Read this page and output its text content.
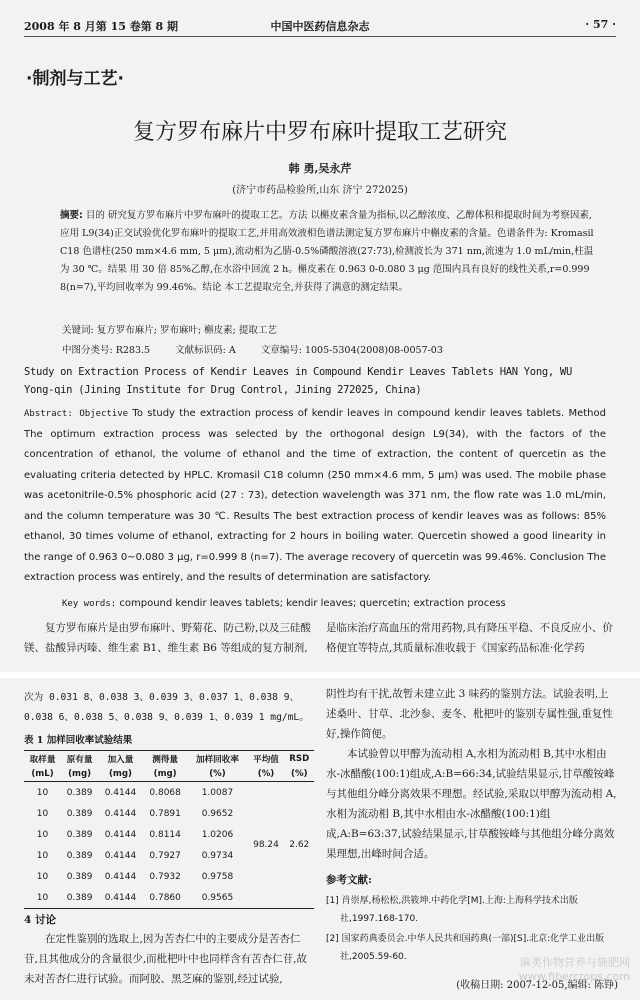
2008 年 8 月第 15 卷第 8 期	中国中医药信息杂志	· 57 ·
·制剂与工艺·
复方罗布麻片中罗布麻叶提取工艺研究
韩 勇,吴永芹
(济宁市药品检验所,山东 济宁 272025)
摘要: 目的 研究复方罗布麻片中罗布麻叶的提取工艺。方法 以槲皮素含量为指标,以乙醇浓度、乙醇体积和提取时间为考察因素,应用 L9(34)正交试验优化罗布麻叶的提取工艺,并用高效液相色谱法测定复方罗布麻片中槲皮素的含量。色谱条件为: Kromasil C18 色谱柱(250 mm×4.6 mm, 5 μm),流动相为乙腈-0.5%磷酸溶液(27:73),检测波长为 371 nm,流速为 1.0 mL/min,柱温为 30 ℃。结果 用 30 倍 85%乙醇,在水浴中回流 2 h。槲皮素在 0.963 0-0.080 3 μg 范围内具有良好的线性关系,r=0.999 8(n=7),平均回收率为 99.46%。结论 本工艺提取完全,并获得了满意的测定结果。
关键词: 复方罗布麻片; 罗布麻叶; 槲皮素; 提取工艺
中图分类号: R283.5	文献标识码: A	文章编号: 1005-5304(2008)08-0057-03
Study on Extraction Process of Kendir Leaves in Compound Kendir Leaves Tablets HAN Yong, WU Yong-qin (Jining Institute for Drug Control, Jining 272025, China)
Abstract: Objective To study the extraction process of kendir leaves in compound kendir leaves tablets. Method The optimum extraction process was selected by the orthogonal design L9(34), with the factors of the concentration of ethanol, the volume of ethanol and the time of extraction, the content of quercetin as the evaluating criteria detected by HPLC. Kromasil C18 column (250 mm×4.6 mm, 5 μm) was used. The mobile phase was acetonitrile-0.5% phosphoric acid (27 : 73), detection wavelength was 371 nm, the flow rate was 1.0 mL/min, and the column temperature was 30 ℃. Results The best extraction process of kendir leaves was as follows: 85% ethanol, 30 times volume of ethanol, extracting for 2 hours in boiling water. Quercetin showed a good linearity in the range of 0.963 0~0.080 3 μg, r=0.999 8 (n=7). The average recovery of quercetin was 99.46%. Conclusion The extraction process was entirely, and the results of determination are satisfactory.
Key words: compound kendir leaves tablets; kendir leaves; quercetin; extraction process

复方罗布麻片是由罗布麻叶、野菊花、防己粉,以及三硅酸镁、盐酸异丙嗪、维生素 B1、维生素 B6 等组成的复方制剂,

是临床治疗高血压的常用药物,具有降压平稳、不良反应小、价格便宜等特点,其质量标准收载于《国家药品标准·化学药

次为 0.031 8、0.038 3、0.039 3、0.037 1、0.038 9、0.038 6、0.038 5、0.038 9、0.039 1、0.039 1 mg/mL。

表 1 加样回收率试验结果
取样量	原有量	加入量	测得量	加样回收率	平均值	RSD
(mL)	(mg)	(mg)	(mg)	(%)	(%)	(%)
10	0.389	0.4144	0.8068	1.0087	98.24	2.62
10	0.389	0.4144	0.7891	0.9652		
10	0.389	0.4144	0.8114	1.0206		
10	0.389	0.4144	0.7927	0.9734		
10	0.389	0.4144	0.7932	0.9758		
10	0.389	0.4144	0.7860	0.9565		
4 讨论

在定性鉴别的选取上,因为苦杏仁中的主要成分是苦杏仁苷,且其他成分的含量很少,而枇杷叶中也同样含有苦杏仁苷,故未对苦杏仁进行试验。而阿胶、黑芝麻的鉴别,经过试验,

阴性均有干扰,故暂未建立此 3 味药的鉴别方法。试验表明,上述桑叶、甘草、北沙参、麦冬、枇杷叶的鉴别专属性强,重复性好,操作简便。

本试验曾以甲醇为流动相 A,水相为流动相 B,其中水相由水-冰醋酸(100:1)组成,A:B=66:34,试验结果显示,甘草酸铵峰与其他组分峰分离效果不理想。经试验,采取以甲醇为流动相 A,水相为流动相 B,其中水相由水-冰醋酸(100:1)组成,A:B=63:37,试验结果显示,甘草酸铵峰与其他组分峰分离效果理想,出峰时间合适。

参考文献:
[1] 肖崇厚,杨松松,洪筱坤.中药化学[M].上海:上海科学技术出版社,1997.168-170.
[2] 国家药典委员会.中华人民共和国药典(一部)[S].北京:化学工业出版社,2005.59-60.
(收稿日期: 2007-12-05,编辑: 陈铮)
麻类作物营养与施肥网
www.fibercrops.com
